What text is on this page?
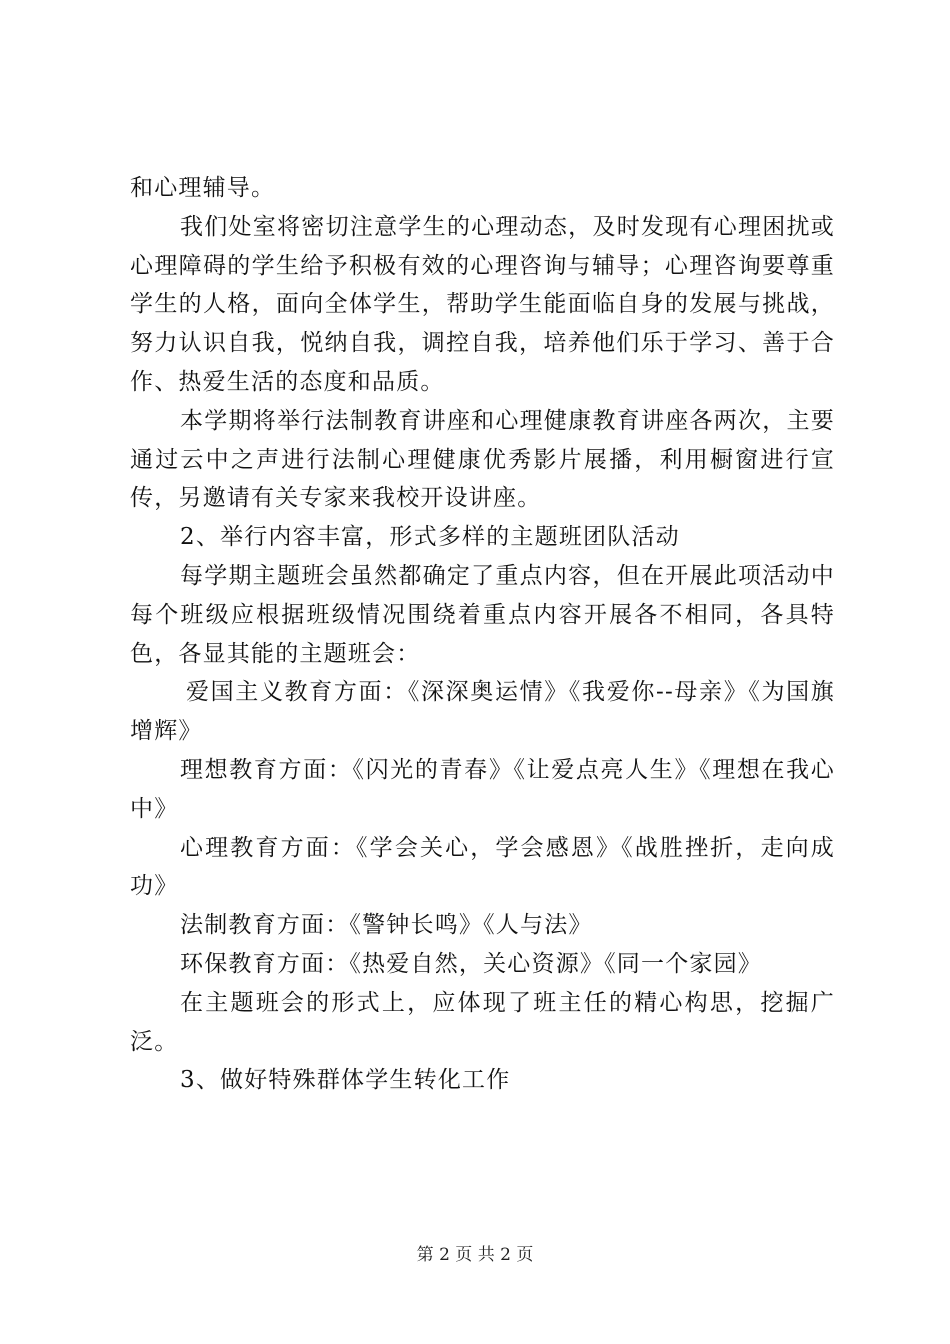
和心理辅导。

我们处室将密切注意学生的心理动态，及时发现有心理困扰或心理障碍的学生给予积极有效的心理咨询与辅导；心理咨询要尊重学生的人格，面向全体学生，帮助学生能面临自身的发展与挑战，努力认识自我，悦纳自我，调控自我，培养他们乐于学习、善于合作、热爱生活的态度和品质。

本学期将举行法制教育讲座和心理健康教育讲座各两次，主要通过云中之声进行法制心理健康优秀影片展播，利用橱窗进行宣传，另邀请有关专家来我校开设讲座。

2、举行内容丰富，形式多样的主题班团队活动

每学期主题班会虽然都确定了重点内容，但在开展此项活动中每个班级应根据班级情况围绕着重点内容开展各不相同，各具特色，各显其能的主题班会：

爱国主义教育方面：《深深奥运情》《我爱你--母亲》《为国旗增辉》

理想教育方面：《闪光的青春》《让爱点亮人生》《理想在我心中》

心理教育方面：《学会关心，学会感恩》《战胜挫折，走向成功》

法制教育方面：《警钟长鸣》《人与法》

环保教育方面：《热爱自然，关心资源》《同一个家园》

在主题班会的形式上，应体现了班主任的精心构思，挖掘广泛。

3、做好特殊群体学生转化工作

第 2 页 共 2 页
